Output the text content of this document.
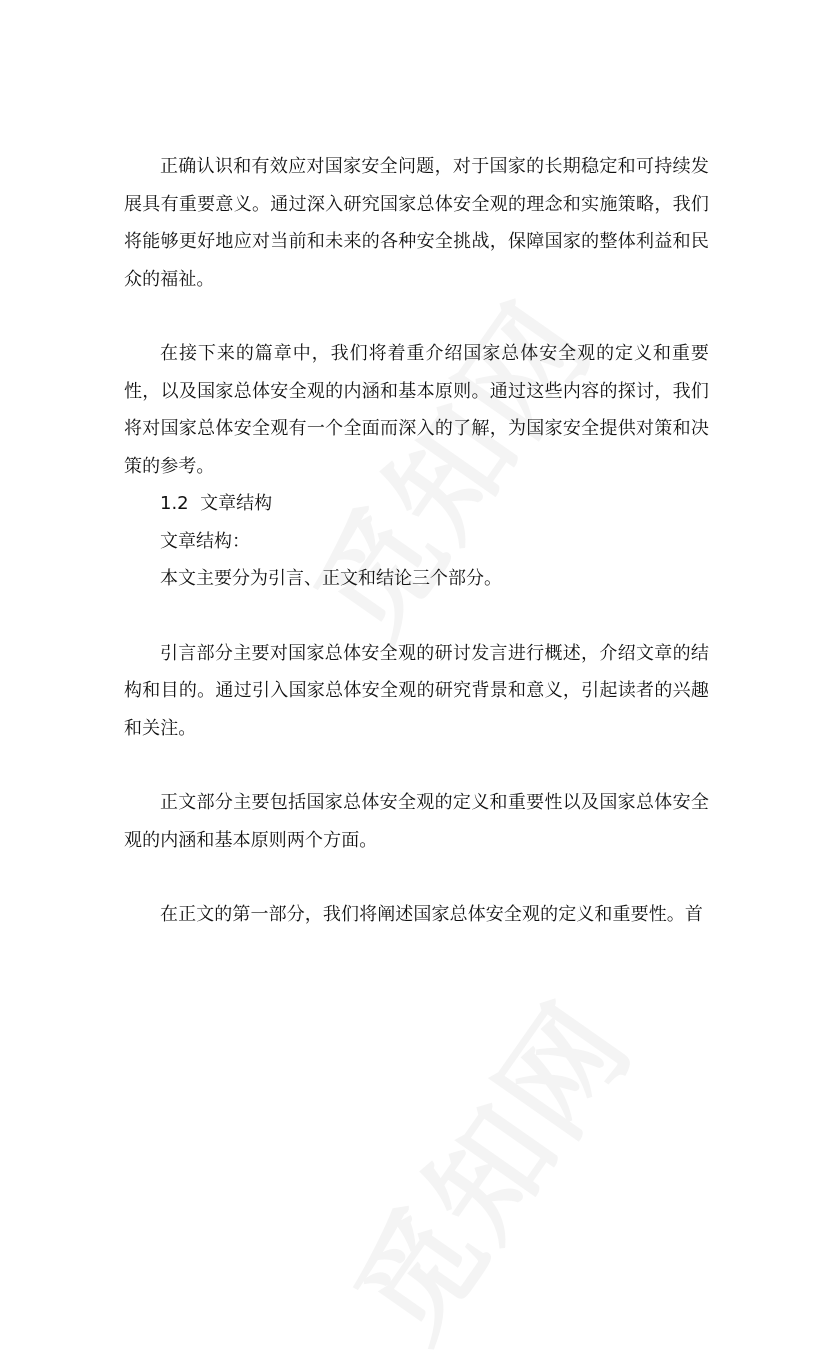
正确认识和有效应对国家安全问题，对于国家的长期稳定和可持续发展具有重要意义。通过深入研究国家总体安全观的理念和实施策略，我们将能够更好地应对当前和未来的各种安全挑战，保障国家的整体利益和民众的福祉。

在接下来的篇章中，我们将着重介绍国家总体安全观的定义和重要性，以及国家总体安全观的内涵和基本原则。通过这些内容的探讨，我们将对国家总体安全观有一个全面而深入的了解，为国家安全提供对策和决策的参考。

1.2  文章结构

文章结构：

本文主要分为引言、正文和结论三个部分。

引言部分主要对国家总体安全观的研讨发言进行概述，介绍文章的结构和目的。通过引入国家总体安全观的研究背景和意义，引起读者的兴趣和关注。

正文部分主要包括国家总体安全观的定义和重要性以及国家总体安全观的内涵和基本原则两个方面。

在正文的第一部分，我们将阐述国家总体安全观的定义和重要性。首
